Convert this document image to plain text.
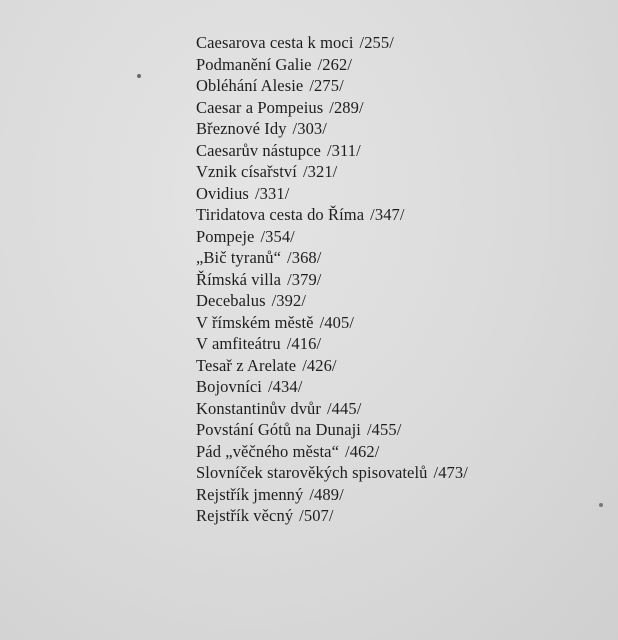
Caesarova cesta k moci /255/
Podmanění Galie /262/
Obléhání Alesie /275/
Caesar a Pompeius /289/
Březnové Idy /303/
Caesarův nástupce /311/
Vznik císařství /321/
Ovidius /331/
Tiridatova cesta do Říma /347/
Pompeje /354/
„Bič tyranů“ /368/
Římská villa /379/
Decebalus /392/
V římském městě /405/
V amfiteátru /416/
Tesař z Arelate /426/
Bojovníci /434/
Konstantinův dvůr /445/
Povstání Gótů na Dunaji /455/
Pád „věčného města“ /462/
Slovníček starověkých spisovatelů /473/
Rejstřík jmenný /489/
Rejstřík věcný /507/
